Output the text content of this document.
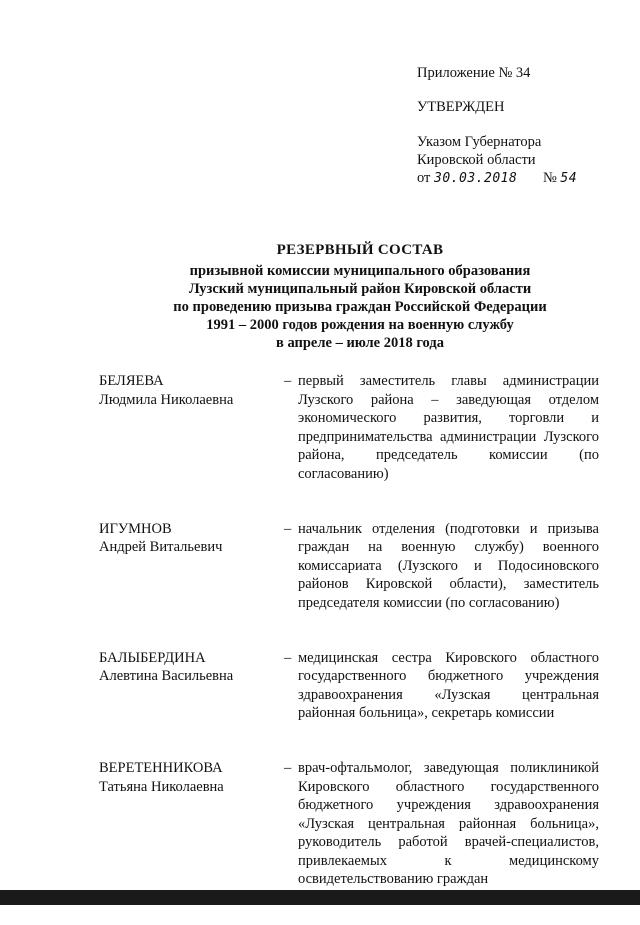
Приложение № 34
УТВЕРЖДЕН
Указом Губернатора
Кировской области
от 30.03.2018 № 54
РЕЗЕРВНЫЙ СОСТАВ
призывной комиссии муниципального образования
Лузский муниципальный район Кировской области
по проведению призыва граждан Российской Федерации
1991 – 2000 годов рождения на военную службу
в апреле – июле 2018 года
БЕЛЯЕВА
Людмила Николаевна
– первый заместитель главы администрации Лузского района – заведующая отделом экономического развития, торговли и предпринимательства администрации Лузского района, председатель комиссии (по согласованию)
ИГУМНОВ
Андрей Витальевич
– начальник отделения (подготовки и призыва граждан на военную службу) военного комиссариата (Лузского и Подосиновского районов Кировской области), заместитель председателя комиссии (по согласованию)
БАЛЫБЕРДИНА
Алевтина Васильевна
– медицинская сестра Кировского областного государственного бюджетного учреждения здравоохранения «Лузская центральная районная больница», секретарь комиссии
ВЕРЕТЕННИКОВА
Татьяна Николаевна
– врач-офтальмолог, заведующая поликлиникой Кировского областного государственного бюджетного учреждения здравоохранения «Лузская центральная районная больница», руководитель работой врачей-специалистов, привлекаемых к медицинскому освидетельствованию граждан
